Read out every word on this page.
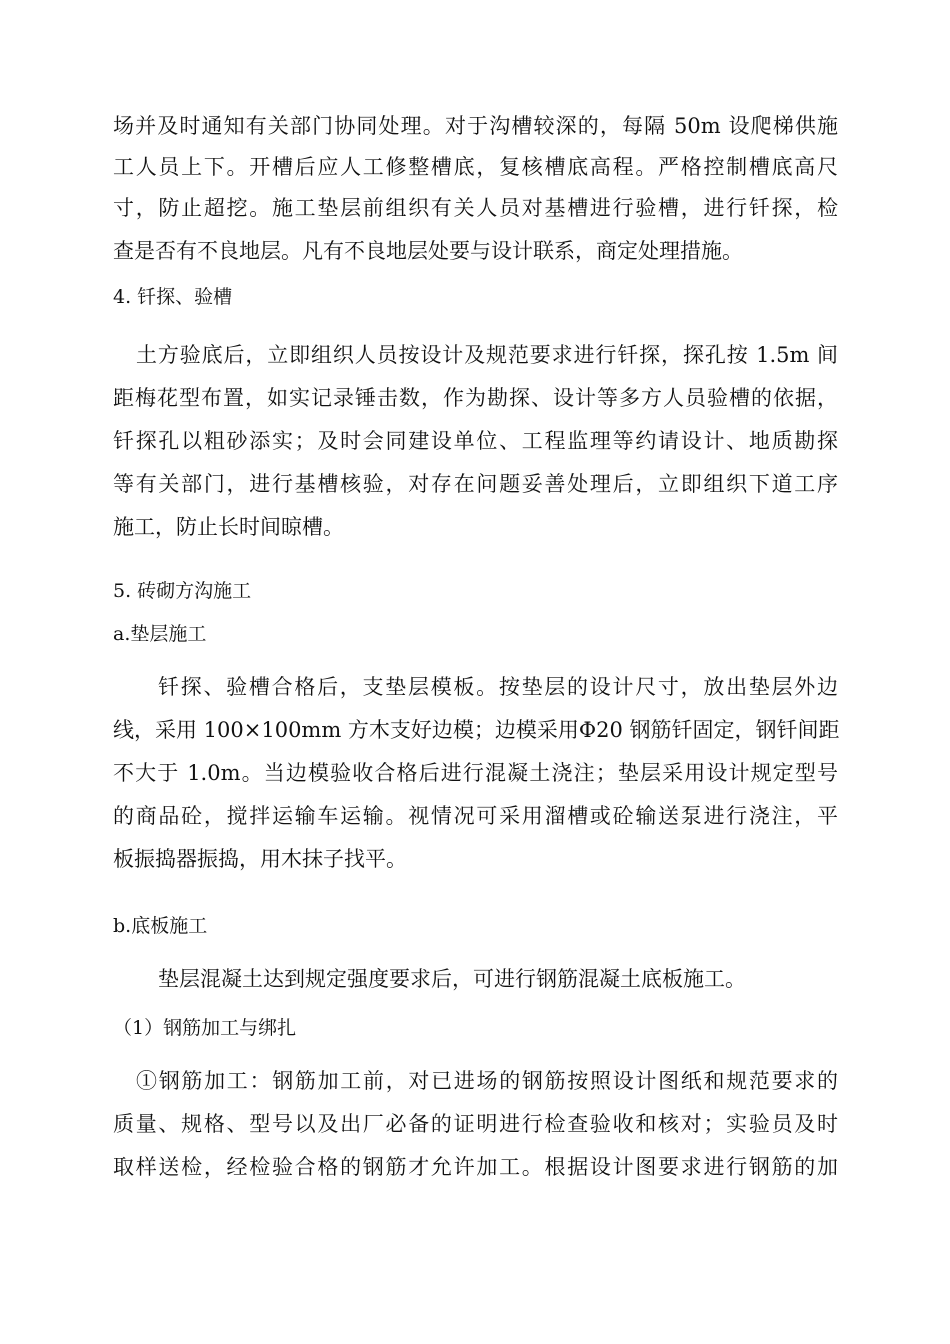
场并及时通知有关部门协同处理。对于沟槽较深的，每隔 50m 设爬梯供施
工人员上下。开槽后应人工修整槽底，复核槽底高程。严格控制槽底高尺
寸，防止超挖。施工垫层前组织有关人员对基槽进行验槽，进行钎探，检
查是否有不良地层。凡有不良地层处要与设计联系，商定处理措施。
4. 钎探、验槽
土方验底后，立即组织人员按设计及规范要求进行钎探，探孔按 1.5m 间
距梅花型布置，如实记录锤击数，作为勘探、设计等多方人员验槽的依据，
钎探孔以粗砂添实；及时会同建设单位、工程监理等约请设计、地质勘探
等有关部门，进行基槽核验，对存在问题妥善处理后，立即组织下道工序
施工，防止长时间晾槽。
5. 砖砌方沟施工
a.垫层施工
钎探、验槽合格后，支垫层模板。按垫层的设计尺寸，放出垫层外边
线，采用 100×100mm 方木支好边模；边模采用Φ20 钢筋钎固定，钢钎间距
不大于 1.0m。当边模验收合格后进行混凝土浇注；垫层采用设计规定型号
的商品砼，搅拌运输车运输。视情况可采用溜槽或砼输送泵进行浇注，平
板振捣器振捣，用木抹子找平。
b.底板施工
垫层混凝土达到规定强度要求后，可进行钢筋混凝土底板施工。
（1）钢筋加工与绑扎
①钢筋加工：钢筋加工前，对已进场的钢筋按照设计图纸和规范要求的
质量、规格、型号以及出厂必备的证明进行检查验收和核对；实验员及时
取样送检，经检验合格的钢筋才允许加工。根据设计图要求进行钢筋的加
